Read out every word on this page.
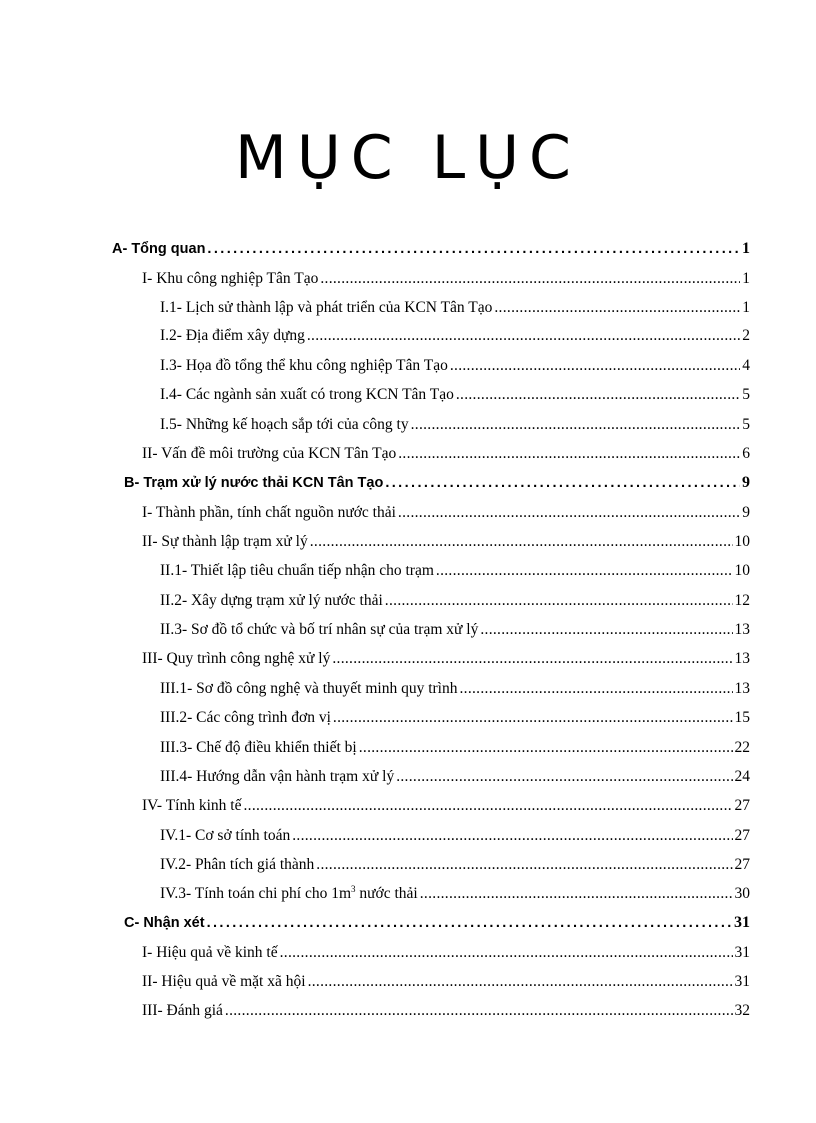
MỤC LỤC
A- Tổng quan .....	1
I- Khu công nghiệp Tân Tạo .....	1
I.1- Lịch sử thành lập và phát triển của KCN Tân Tạo .....	1
I.2- Địa điểm xây dựng .....	2
I.3- Họa đồ tổng thể khu công nghiệp Tân Tạo .....	4
I.4- Các ngành sản xuất có trong KCN Tân Tạo .....	5
I.5- Những kế hoạch sắp tới của công ty .....	5
II- Vấn đề môi trường của KCN Tân Tạo .....	6
B- Trạm xử lý nước thải KCN Tân Tạo .....	9
I- Thành phần, tính chất nguồn nước thải .....	9
II- Sự thành lập trạm xử lý .....	10
II.1- Thiết lập tiêu chuẩn tiếp nhận cho trạm .....	10
II.2- Xây dựng trạm xử lý nước thải .....	12
II.3- Sơ đồ tổ chức và bố trí nhân sự của trạm xử lý .....	13
III- Quy trình công nghệ xử lý .....	13
III.1- Sơ đồ công nghệ và thuyết minh quy trình .....	13
III.2- Các công trình đơn vị .....	15
III.3- Chế độ điều khiển thiết bị .....	22
III.4- Hướng dẫn vận hành trạm xử lý .....	24
IV- Tính kinh tế .....	27
IV.1- Cơ sở tính toán .....	27
IV.2- Phân tích giá thành .....	27
IV.3- Tính toán chi phí cho $1m^3$ nước thải .....	30
C- Nhận xét .....	31
I- Hiệu quả về kinh tế .....	31
II- Hiệu quả về mặt xã hội .....	31
III- Đánh giá .....	32
